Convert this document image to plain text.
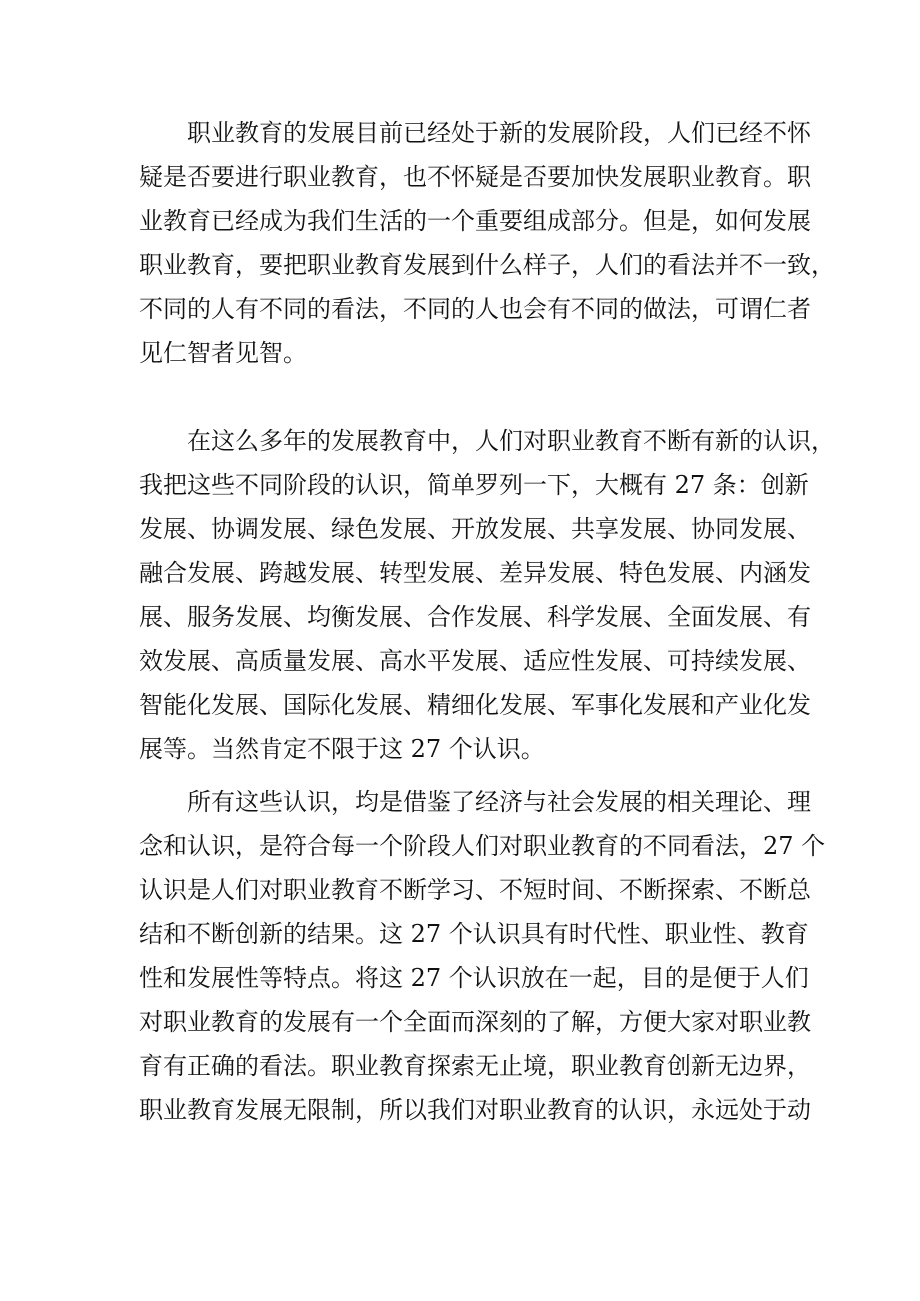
　　职业教育的发展目前已经处于新的发展阶段，人们已经不怀
疑是否要进行职业教育，也不怀疑是否要加快发展职业教育。职
业教育已经成为我们生活的一个重要组成部分。但是，如何发展
职业教育，要把职业教育发展到什么样子，人们的看法并不一致，
不同的人有不同的看法，不同的人也会有不同的做法，可谓仁者
见仁智者见智。
　　在这么多年的发展教育中，人们对职业教育不断有新的认识，
我把这些不同阶段的认识，简单罗列一下，大概有 27 条：创新
发展、协调发展、绿色发展、开放发展、共享发展、协同发展、
融合发展、跨越发展、转型发展、差异发展、特色发展、内涵发
展、服务发展、均衡发展、合作发展、科学发展、全面发展、有
效发展、高质量发展、高水平发展、适应性发展、可持续发展、
智能化发展、国际化发展、精细化发展、军事化发展和产业化发
展等。当然肯定不限于这 27 个认识。
　　所有这些认识，均是借鉴了经济与社会发展的相关理论、理
念和认识，是符合每一个阶段人们对职业教育的不同看法，27 个
认识是人们对职业教育不断学习、不短时间、不断探索、不断总
结和不断创新的结果。这 27 个认识具有时代性、职业性、教育
性和发展性等特点。将这 27 个认识放在一起，目的是便于人们
对职业教育的发展有一个全面而深刻的了解，方便大家对职业教
育有正确的看法。职业教育探索无止境，职业教育创新无边界，
职业教育发展无限制，所以我们对职业教育的认识，永远处于动
